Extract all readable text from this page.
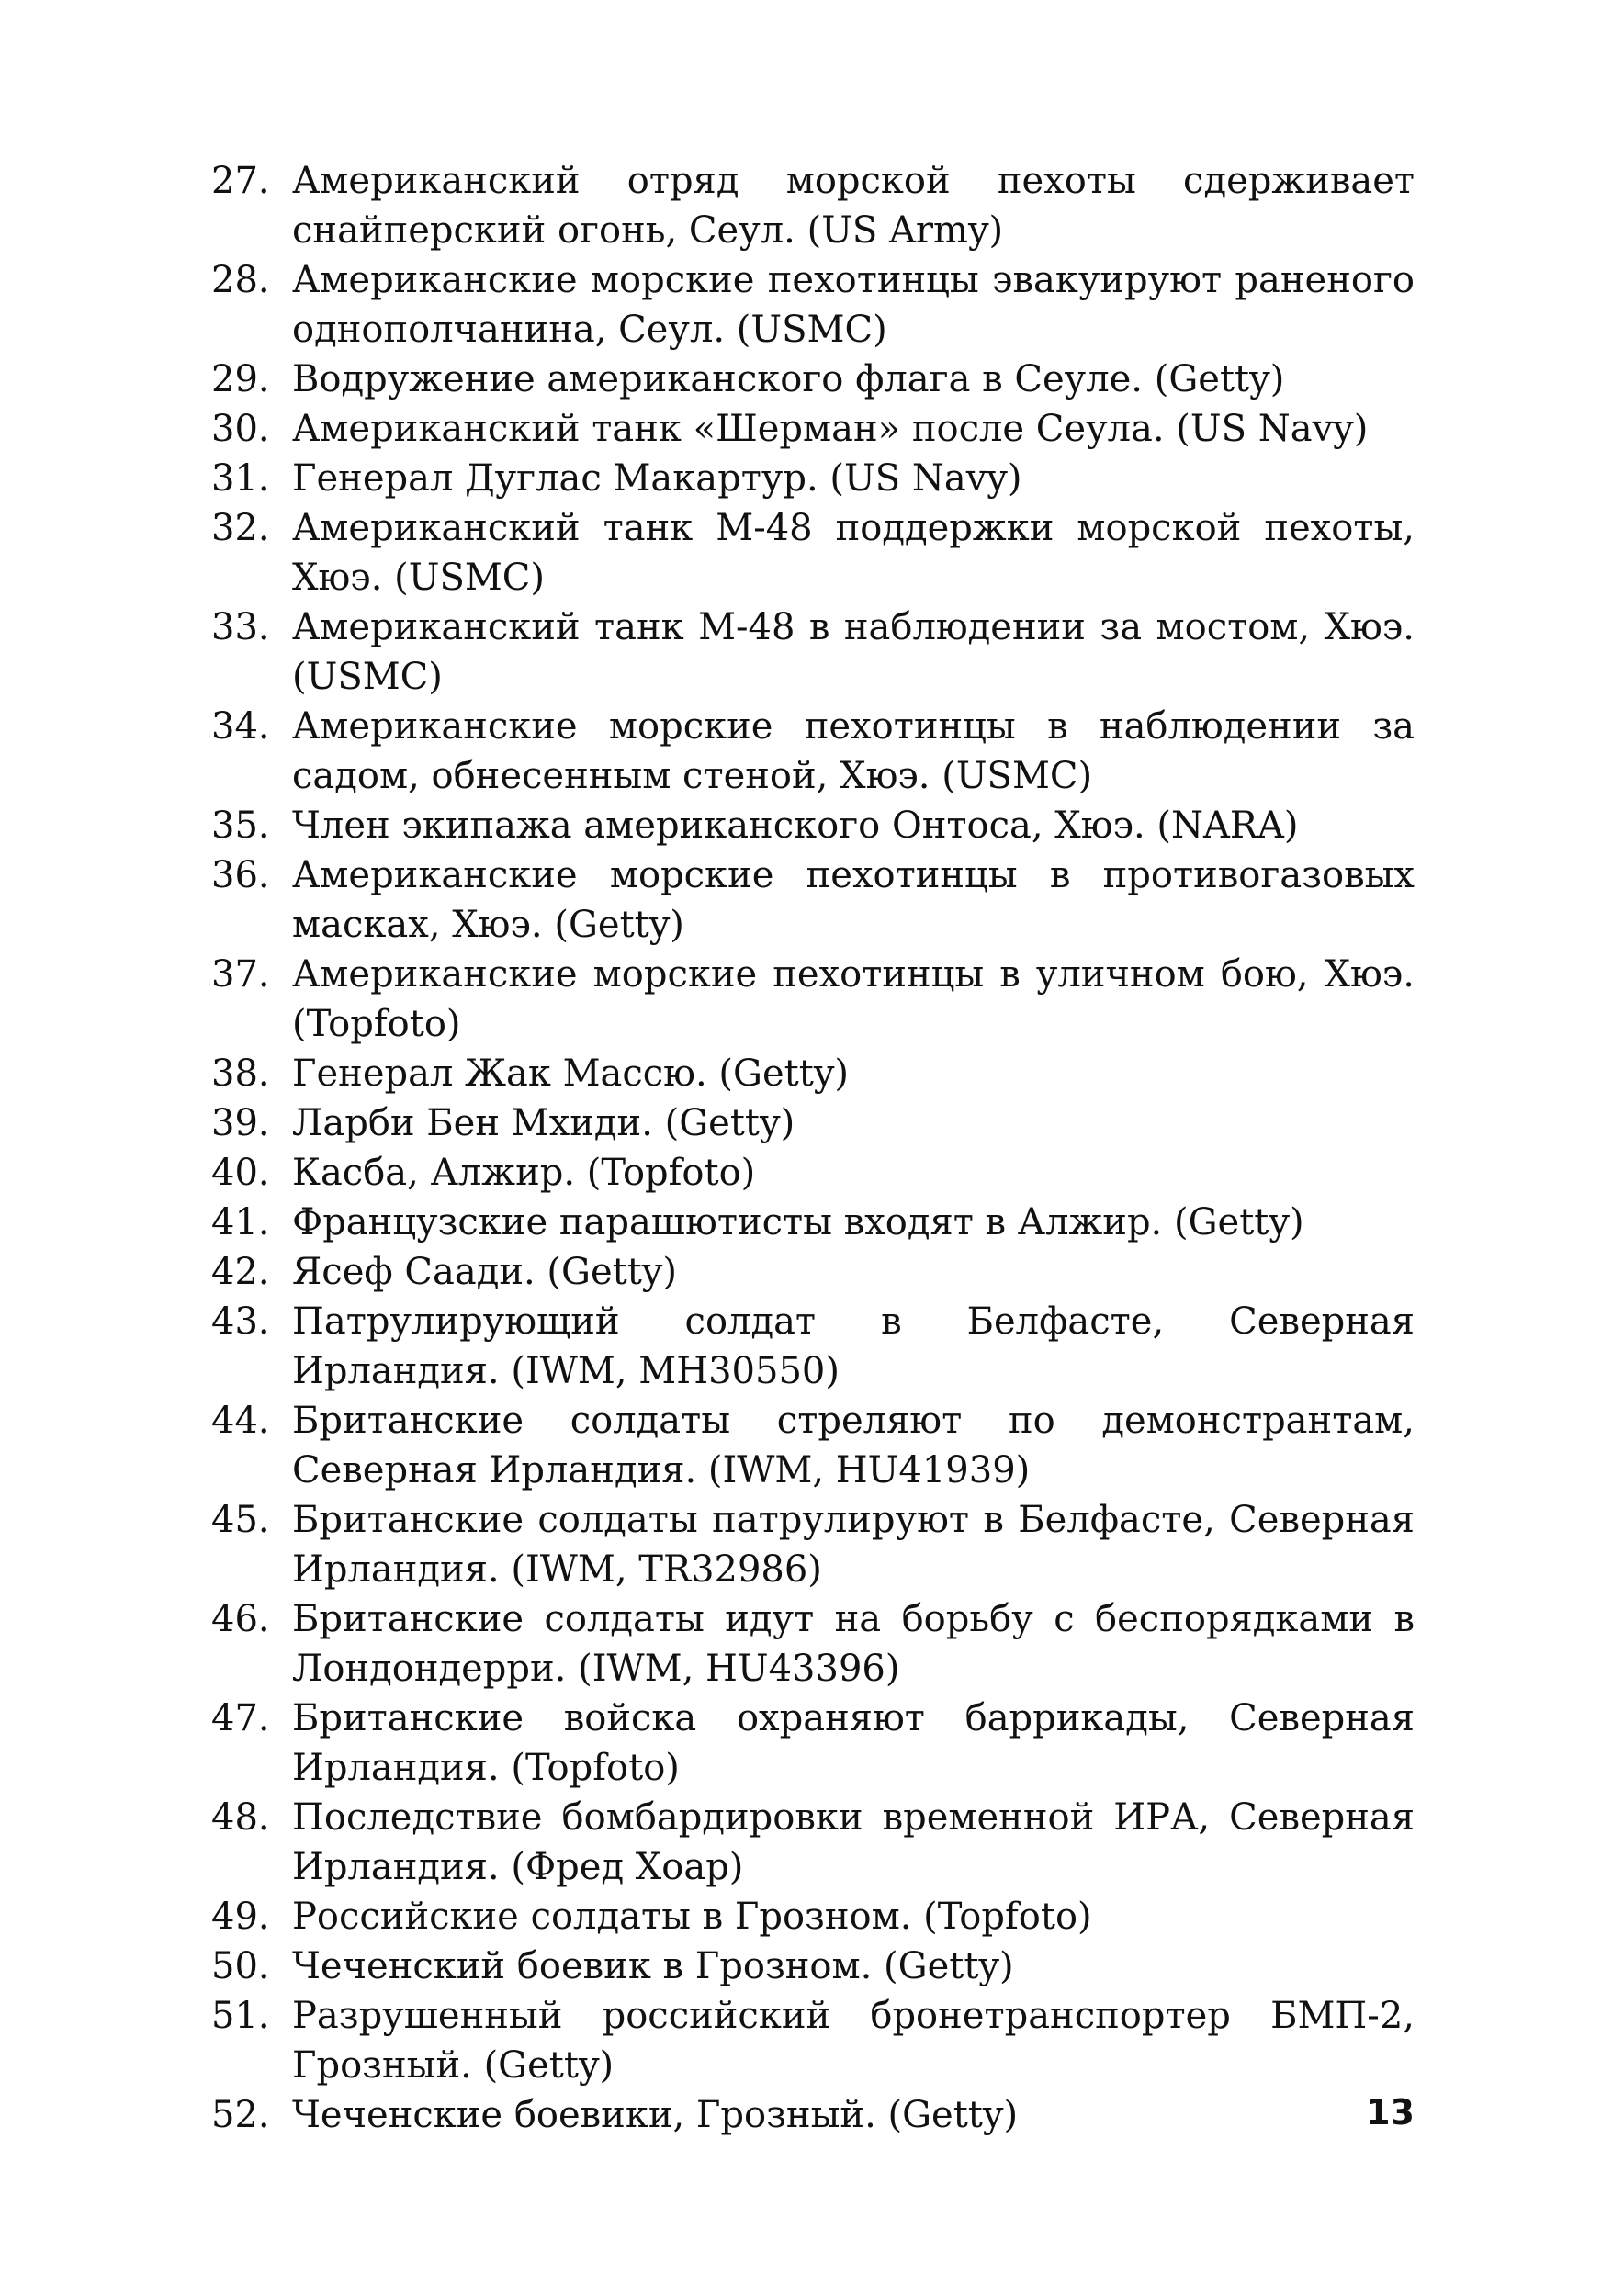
27. Американский отряд морской пехоты сдерживает снайперский огонь, Сеул. (US Army)
28. Американские морские пехотинцы эвакуируют раненого однополчанина, Сеул. (USMC)
29. Водружение американского флага в Сеуле. (Getty)
30. Американский танк «Шерман» после Сеула. (US Navy)
31. Генерал Дуглас Макартур. (US Navy)
32. Американский танк М-48 поддержки морской пехоты, Хюэ. (USMC)
33. Американский танк М-48 в наблюдении за мостом, Хюэ. (USMC)
34. Американские морские пехотинцы в наблюдении за садом, обнесенным стеной, Хюэ. (USMC)
35. Член экипажа американского Онтоса, Хюэ. (NARA)
36. Американские морские пехотинцы в противогазовых масках, Хюэ. (Getty)
37. Американские морские пехотинцы в уличном бою, Хюэ. (Topfoto)
38. Генерал Жак Массю. (Getty)
39. Ларби Бен Мхиди. (Getty)
40. Касба, Алжир. (Topfoto)
41. Французские парашютисты входят в Алжир. (Getty)
42. Ясеф Саади. (Getty)
43. Патрулирующий солдат в Белфасте, Северная Ирландия. (IWM, MH30550)
44. Британские солдаты стреляют по демонстрантам, Северная Ирландия. (IWM, HU41939)
45. Британские солдаты патрулируют в Белфасте, Северная Ирландия. (IWM, TR32986)
46. Британские солдаты идут на борьбу с беспорядками в Лондондерри. (IWM, HU43396)
47. Британские войска охраняют баррикады, Северная Ирландия. (Topfoto)
48. Последствие бомбардировки временной ИРА, Северная Ирландия. (Фред Хоар)
49. Российские солдаты в Грозном. (Topfoto)
50. Чеченский боевик в Грозном. (Getty)
51. Разрушенный российский бронетранспортер БМП-2, Грозный. (Getty)
52. Чеченские боевики, Грозный. (Getty)	13
